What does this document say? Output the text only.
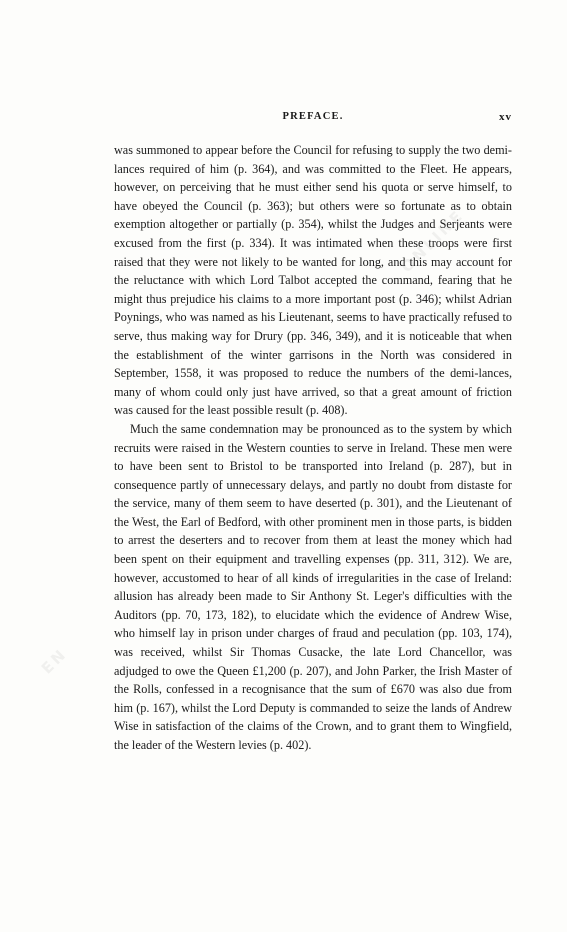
PREFACE.	xv

was summoned to appear before the Council for refusing to supply the two demi-lances required of him (p. 364), and was committed to the Fleet. He appears, however, on perceiving that he must either send his quota or serve himself, to have obeyed the Council (p. 363); but others were so fortunate as to obtain exemption altogether or partially (p. 354), whilst the Judges and Serjeants were excused from the first (p. 334). It was intimated when these troops were first raised that they were not likely to be wanted for long, and this may account for the reluctance with which Lord Talbot accepted the command, fearing that he might thus prejudice his claims to a more important post (p. 346); whilst Adrian Poynings, who was named as his Lieutenant, seems to have practically refused to serve, thus making way for Drury (pp. 346, 349), and it is noticeable that when the establishment of the winter garrisons in the North was considered in September, 1558, it was proposed to reduce the numbers of the demi-lances, many of whom could only just have arrived, so that a great amount of friction was caused for the least possible result (p. 408).

Much the same condemnation may be pronounced as to the system by which recruits were raised in the Western counties to serve in Ireland. These men were to have been sent to Bristol to be transported into Ireland (p. 287), but in consequence partly of unnecessary delays, and partly no doubt from distaste for the service, many of them seem to have deserted (p. 301), and the Lieutenant of the West, the Earl of Bedford, with other prominent men in those parts, is bidden to arrest the deserters and to recover from them at least the money which had been spent on their equipment and travelling expenses (pp. 311, 312). We are, however, accustomed to hear of all kinds of irregularities in the case of Ireland: allusion has already been made to Sir Anthony St. Leger's difficulties with the Auditors (pp. 70, 173, 182), to elucidate which the evidence of Andrew Wise, who himself lay in prison under charges of fraud and peculation (pp. 103, 174), was received, whilst Sir Thomas Cusacke, the late Lord Chancellor, was adjudged to owe the Queen £1,200 (p. 207), and John Parker, the Irish Master of the Rolls, confessed in a recognisance that the sum of £670 was also due from him (p. 167), whilst the Lord Deputy is commanded to seize the lands of Andrew Wise in satisfaction of the claims of the Crown, and to grant them to Wingfield, the leader of the Western levies (p. 402).

ONLINE
EN
